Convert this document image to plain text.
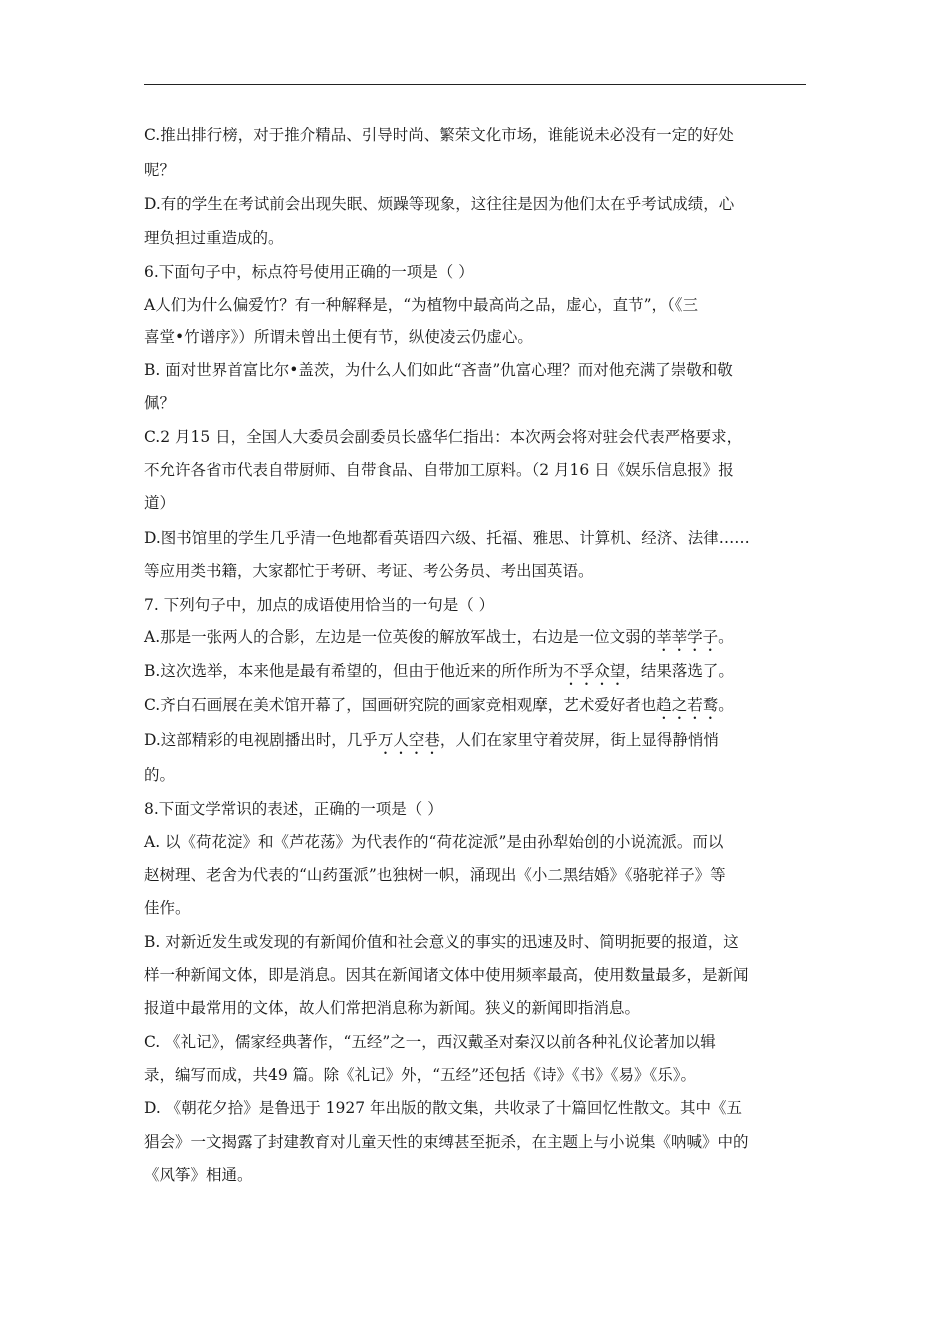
C.推出排行榜，对于推介精品、引导时尚、繁荣文化市场，谁能说未必没有一定的好处
呢？
D.有的学生在考试前会出现失眠、烦躁等现象，这往往是因为他们太在乎考试成绩，心
理负担过重造成的。
6.下面句子中，标点符号使用正确的一项是（ ）
A人们为什么偏爱竹？有一种解释是，“为植物中最高尚之品，虚心，直节”，（《三
喜堂•竹谱序》）所谓未曾出土便有节，纵使凌云仍虚心。
B. 面对世界首富比尔•盖茨，为什么人们如此“吝啬”仇富心理？而对他充满了崇敬和敬
佩？
C.2 月15 日，全国人大委员会副委员长盛华仁指出：本次两会将对驻会代表严格要求，
不允许各省市代表自带厨师、自带食品、自带加工原料。（2 月16 日《娱乐信息报》报
道）
D.图书馆里的学生几乎清一色地都看英语四六级、托福、雅思、计算机、经济、法律……
等应用类书籍，大家都忙于考研、考证、考公务员、考出国英语。
7. 下列句子中，加点的成语使用恰当的一句是（ ）
A.那是一张两人的合影，左边是一位英俊的解放军战士，右边是一位文弱的莘莘学子。
B.这次选举，本来他是最有希望的，但由于他近来的所作所为不孚众望，结果落选了。
C.齐白石画展在美术馆开幕了，国画研究院的画家竞相观摩，艺术爱好者也趋之若鹜。
D.这部精彩的电视剧播出时，几乎万人空巷，人们在家里守着荧屏，街上显得静悄悄
的。
8.下面文学常识的表述，正确的一项是（ ）
A. 以《荷花淀》和《芦花荡》为代表作的“荷花淀派”是由孙犁始创的小说流派。而以
赵树理、老舍为代表的“山药蛋派”也独树一帜，涌现出《小二黑结婚》《骆驼祥子》等
佳作。
B. 对新近发生或发现的有新闻价值和社会意义的事实的迅速及时、简明扼要的报道，这
样一种新闻文体，即是消息。因其在新闻诸文体中使用频率最高，使用数量最多，是新闻
报道中最常用的文体，故人们常把消息称为新闻。狭义的新闻即指消息。
C. 《礼记》，儒家经典著作，“五经”之一，西汉戴圣对秦汉以前各种礼仪论著加以辑
录，编写而成，共49 篇。除《礼记》外，“五经”还包括《诗》《书》《易》《乐》。
D. 《朝花夕拾》是鲁迅于 1927 年出版的散文集，共收录了十篇回忆性散文。其中《五
猖会》一文揭露了封建教育对儿童天性的束缚甚至扼杀，在主题上与小说集《呐喊》中的
《风筝》相通。
